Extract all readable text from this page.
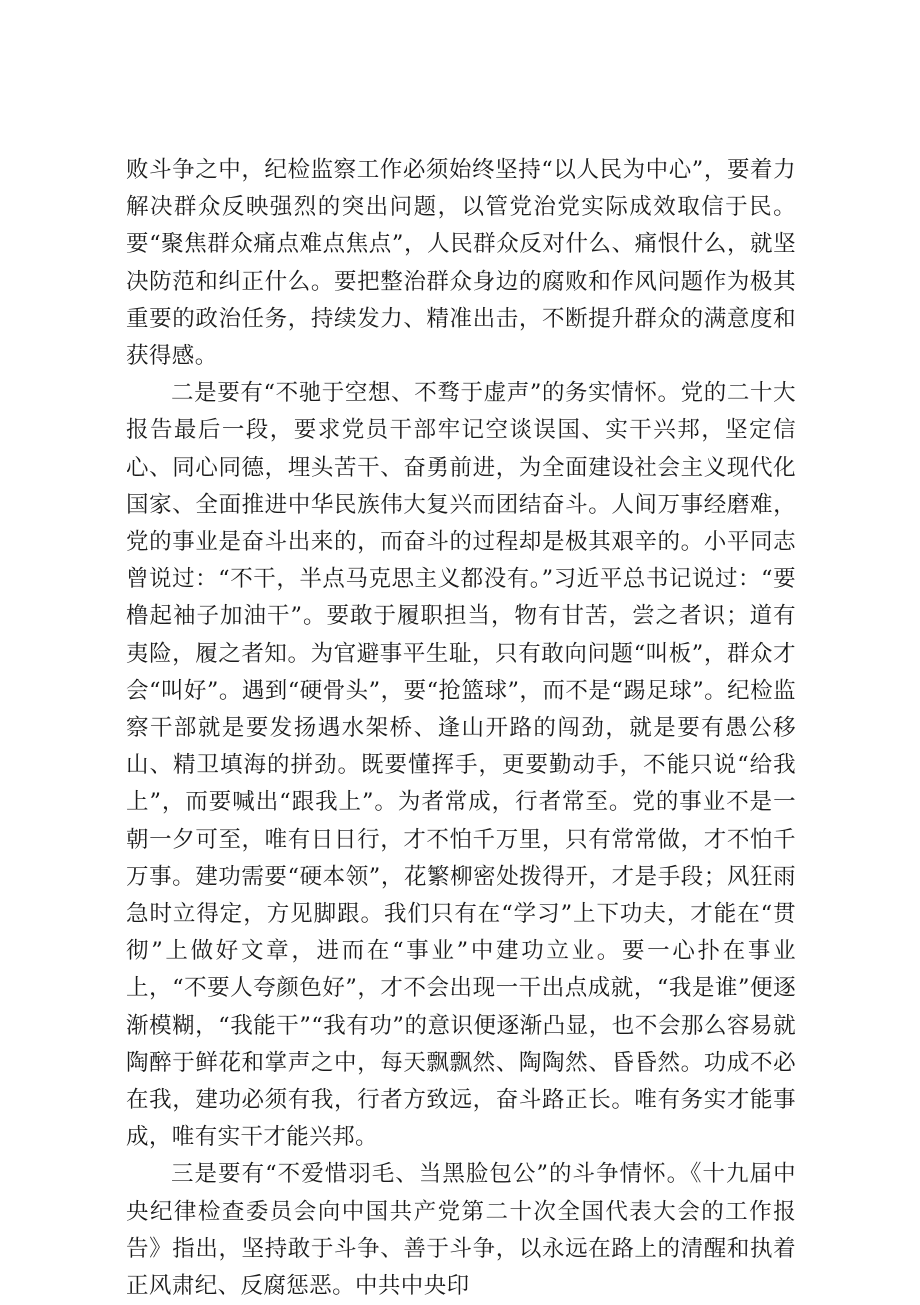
败斗争之中，纪检监察工作必须始终坚持“以人民为中心”，要着力解决群众反映强烈的突出问题，以管党治党实际成效取信于民。要“聚焦群众痛点难点焦点”，人民群众反对什么、痛恨什么，就坚决防范和纠正什么。要把整治群众身边的腐败和作风问题作为极其重要的政治任务，持续发力、精准出击，不断提升群众的满意度和获得感。

二是要有“不驰于空想、不骛于虚声”的务实情怀。党的二十大报告最后一段，要求党员干部牢记空谈误国、实干兴邦，坚定信心、同心同德，埋头苦干、奋勇前进，为全面建设社会主义现代化国家、全面推进中华民族伟大复兴而团结奋斗。人间万事经磨难，党的事业是奋斗出来的，而奋斗的过程却是极其艰辛的。小平同志曾说过：“不干，半点马克思主义都没有。”习近平总书记说过：“要橹起袖子加油干”。要敢于履职担当，物有甘苦，尝之者识；道有夷险，履之者知。为官避事平生耻，只有敢向问题“叫板”，群众才会“叫好”。遇到“硬骨头”，要“抢篮球”，而不是“踢足球”。纪检监察干部就是要发扬遇水架桥、逢山开路的闯劲，就是要有愚公移山、精卫填海的拼劲。既要懂挥手，更要勤动手，不能只说“给我上”，而要喊出“跟我上”。为者常成，行者常至。党的事业不是一朝一夕可至，唯有日日行，才不怕千万里，只有常常做，才不怕千万事。建功需要“硬本领”，花繁柳密处拨得开，才是手段；风狂雨急时立得定，方见脚跟。我们只有在“学习”上下功夫，才能在“贯彻”上做好文章，进而在“事业”中建功立业。要一心扑在事业上，“不要人夸颜色好”，才不会出现一干出点成就，“我是谁”便逐渐模糊，“我能干”“我有功”的意识便逐渐凸显，也不会那么容易就陶醉于鲜花和掌声之中，每天飘飘然、陶陶然、昏昏然。功成不必在我，建功必须有我，行者方致远，奋斗路正长。唯有务实才能事成，唯有实干才能兴邦。

三是要有“不爱惜羽毛、当黑脸包公”的斗争情怀。《十九届中央纪律检查委员会向中国共产党第二十次全国代表大会的工作报告》指出，坚持敢于斗争、善于斗争，以永远在路上的清醒和执着正风肃纪、反腐惩恶。中共中央印
